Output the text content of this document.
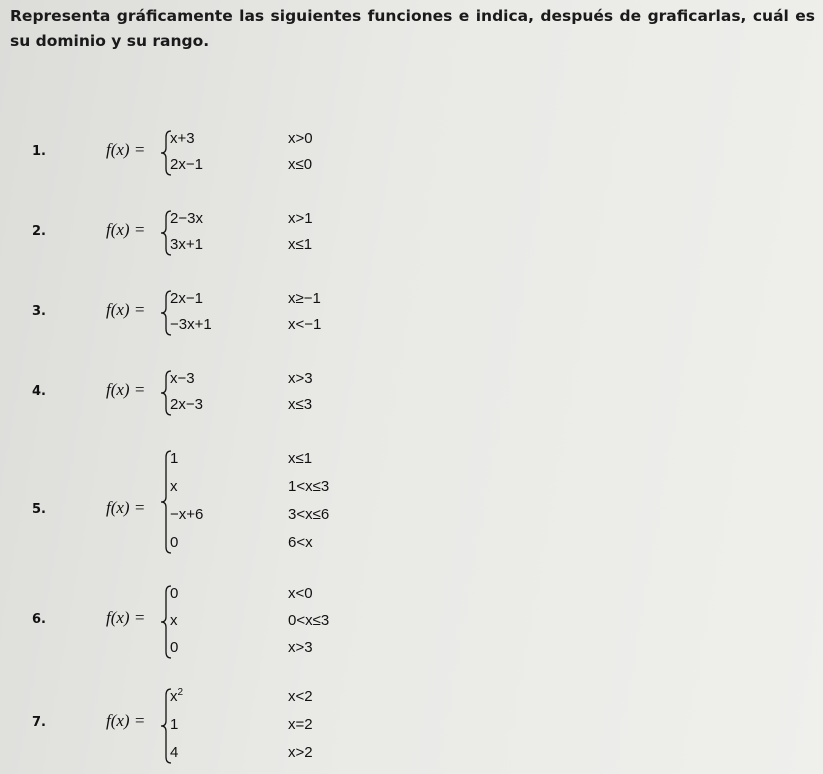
Representa gráficamente las siguientes funciones e indica, después de graficarlas, cuál es su dominio y su rango.
1.	f(x) =
x+3	x>0
2x−1	x≤0
2.	f(x) =
2−3x	x>1
3x+1	x≤1
3.	f(x) =
2x−1	x≥−1
−3x+1	x<−1
4.	f(x) =
x−3	x>3
2x−3	x≤3
5.	f(x) =
1	x≤1
x	1<x≤3
−x+6	3<x≤6
0	6<x
6.	f(x) =
0	x<0
x	0<x≤3
0	x>3
7.	f(x) =
$x^2$	x<2
1	x=2
4	x>2
